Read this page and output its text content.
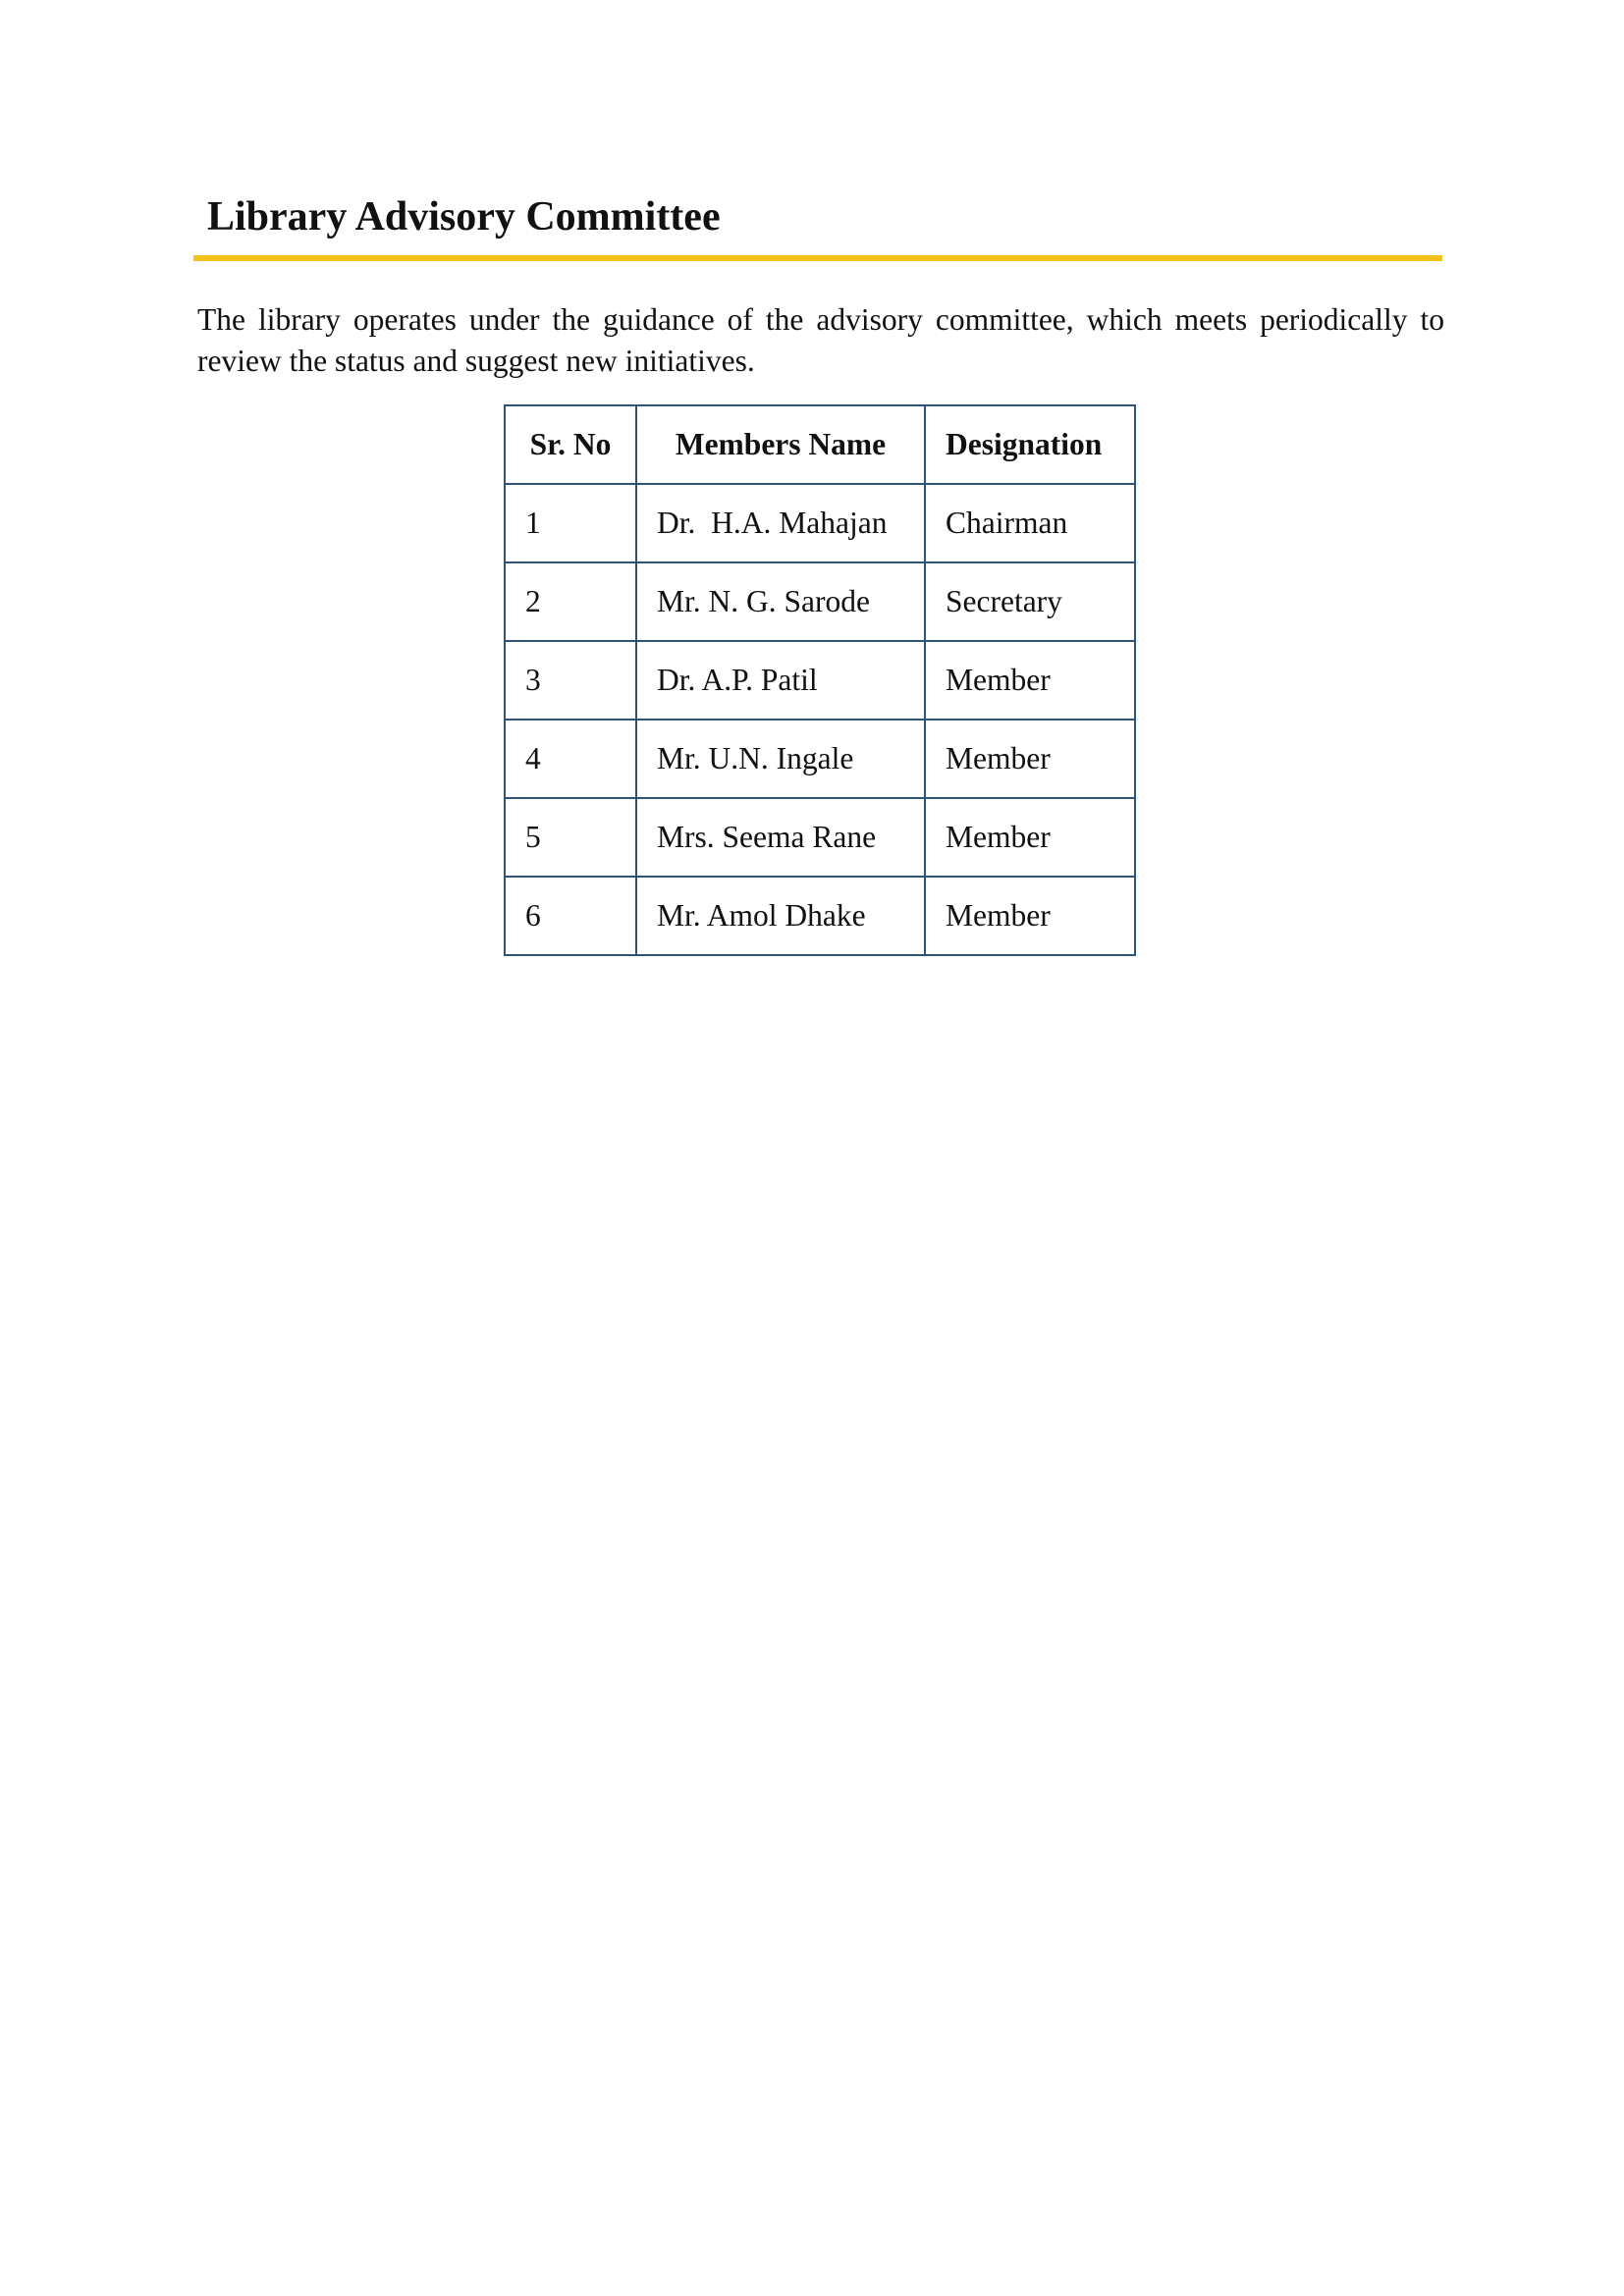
Library Advisory Committee

The library operates under the guidance of the advisory committee, which meets periodically to review the status and suggest new initiatives.

Sr. No	Members Name	Designation
1	Dr.  H.A. Mahajan	Chairman
2	Mr. N. G. Sarode	Secretary
3	Dr. A.P. Patil	Member
4	Mr. U.N. Ingale	Member
5	Mrs. Seema Rane	Member
6	Mr. Amol Dhake	Member
